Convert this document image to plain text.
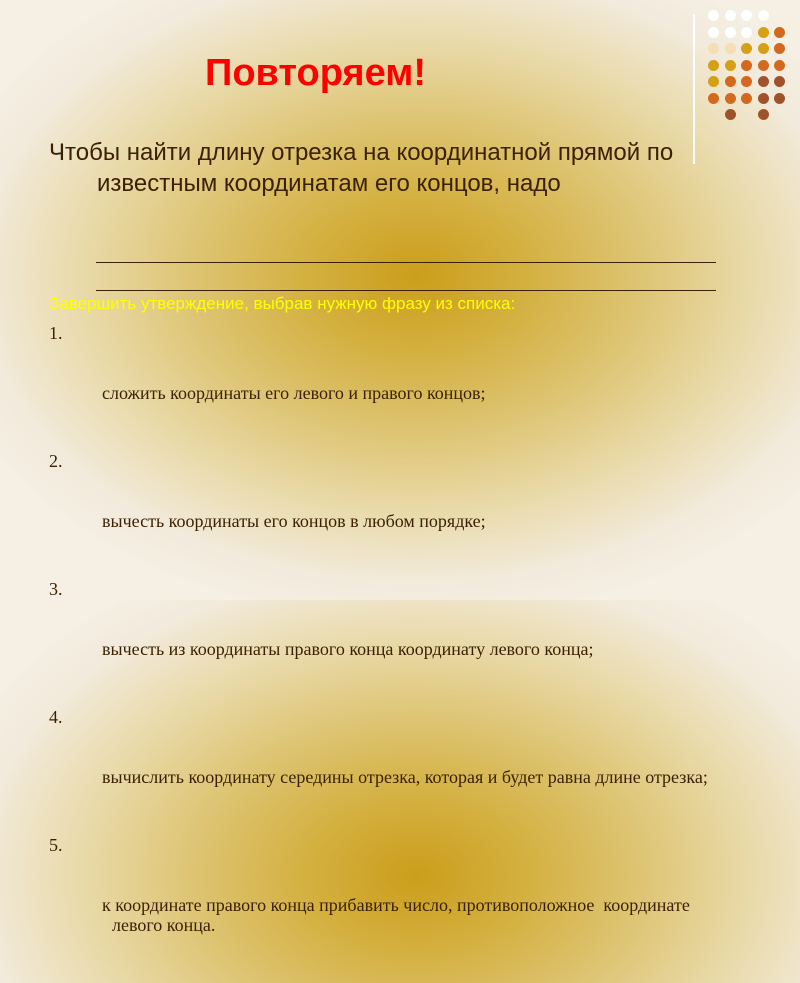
Повторяем!

Чтобы найти длину отрезка на координатной прямой по известным координатам его концов, надо

Завершить утверждение, выбрав нужную фразу из списка:

1.

сложить координаты его левого и правого концов;

2.

вычесть координаты его концов в любом порядке;

3.

вычесть из координаты правого конца координату левого конца;

4.

вычислить координату середины отрезка, которая и будет равна длине отрезка;

5.

к координате правого конца прибавить число, противоположное  координате левого конца.
